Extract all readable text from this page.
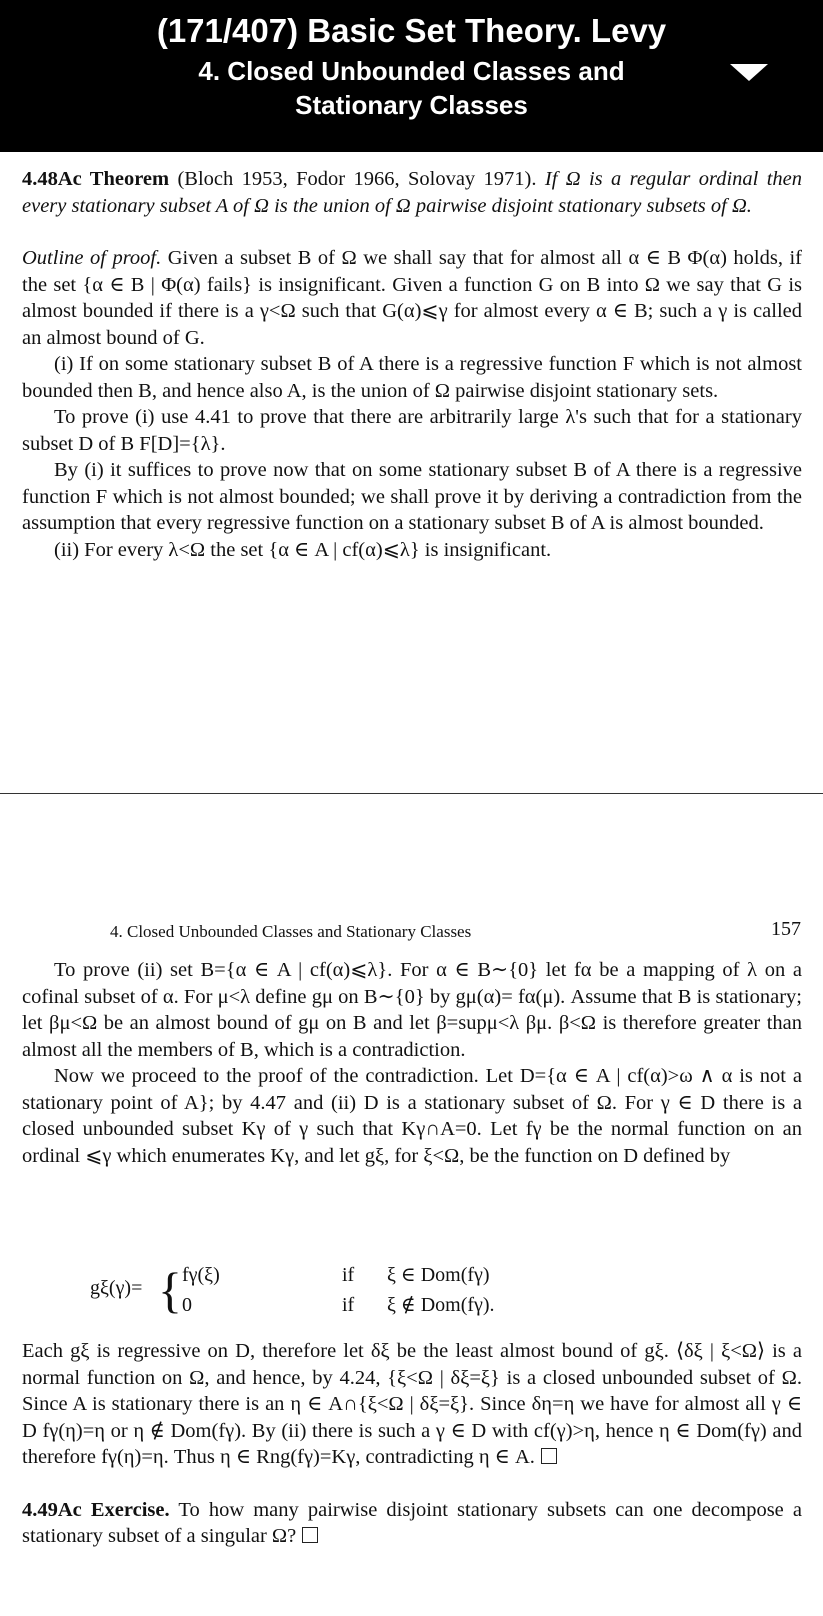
(171/407) Basic Set Theory. Levy
4. Closed Unbounded Classes and
Stationary Classes

4.48Ac Theorem (Bloch 1953, Fodor 1966, Solovay 1971). If Ω is a regular ordinal then every stationary subset A of Ω is the union of Ω pairwise disjoint stationary subsets of Ω.

Outline of proof. Given a subset B of Ω we shall say that for almost all α ∈ B Φ(α) holds, if the set {α ∈ B | Φ(α) fails} is insignificant. Given a function G on B into Ω we say that G is almost bounded if there is a γ<Ω such that G(α)⩽γ for almost every α ∈ B; such a γ is called an almost bound of G.

(i) If on some stationary subset B of A there is a regressive function F which is not almost bounded then B, and hence also A, is the union of Ω pairwise disjoint stationary sets.

To prove (i) use 4.41 to prove that there are arbitrarily large λ's such that for a stationary subset D of B F[D]={λ}.

By (i) it suffices to prove now that on some stationary subset B of A there is a regressive function F which is not almost bounded; we shall prove it by deriving a contradiction from the assumption that every regressive function on a stationary subset B of A is almost bounded.

(ii) For every λ<Ω the set {α ∈ A | cf(α)⩽λ} is insignificant.

4. Closed Unbounded Classes and Stationary Classes	157

To prove (ii) set B={α ∈ A | cf(α)⩽λ}. For α ∈ B∼{0} let fα be a mapping of λ on a cofinal subset of α. For μ<λ define gμ on B∼{0} by gμ(α)= fα(μ). Assume that B is stationary; let βμ<Ω be an almost bound of gμ on B and let β=supμ<λ βμ. β<Ω is therefore greater than almost all the members of B, which is a contradiction.

Now we proceed to the proof of the contradiction. Let D={α ∈ A | cf(α)>ω ∧ α is not a stationary point of A}; by 4.47 and (ii) D is a stationary subset of Ω. For γ ∈ D there is a closed unbounded subset Kγ of γ such that Kγ∩A=0. Let fγ be the normal function on an ordinal ⩽γ which enumerates Kγ, and let gξ, for ξ<Ω, be the function on D defined by

gξ(γ)= { fγ(ξ)	if ξ ∈ Dom(fγ)
0	if ξ ∉ Dom(fγ).

Each gξ is regressive on D, therefore let δξ be the least almost bound of gξ. ⟨δξ | ξ<Ω⟩ is a normal function on Ω, and hence, by 4.24, {ξ<Ω | δξ=ξ} is a closed unbounded subset of Ω. Since A is stationary there is an η ∈ A∩{ξ<Ω | δξ=ξ}. Since δη=η we have for almost all γ ∈ D fγ(η)=η or η ∉ Dom(fγ). By (ii) there is such a γ ∈ D with cf(γ)>η, hence η ∈ Dom(fγ) and therefore fγ(η)=η. Thus η ∈ Rng(fγ)=Kγ, contradicting η ∈ A.

4.49Ac Exercise. To how many pairwise disjoint stationary subsets can one decompose a stationary subset of a singular Ω?
